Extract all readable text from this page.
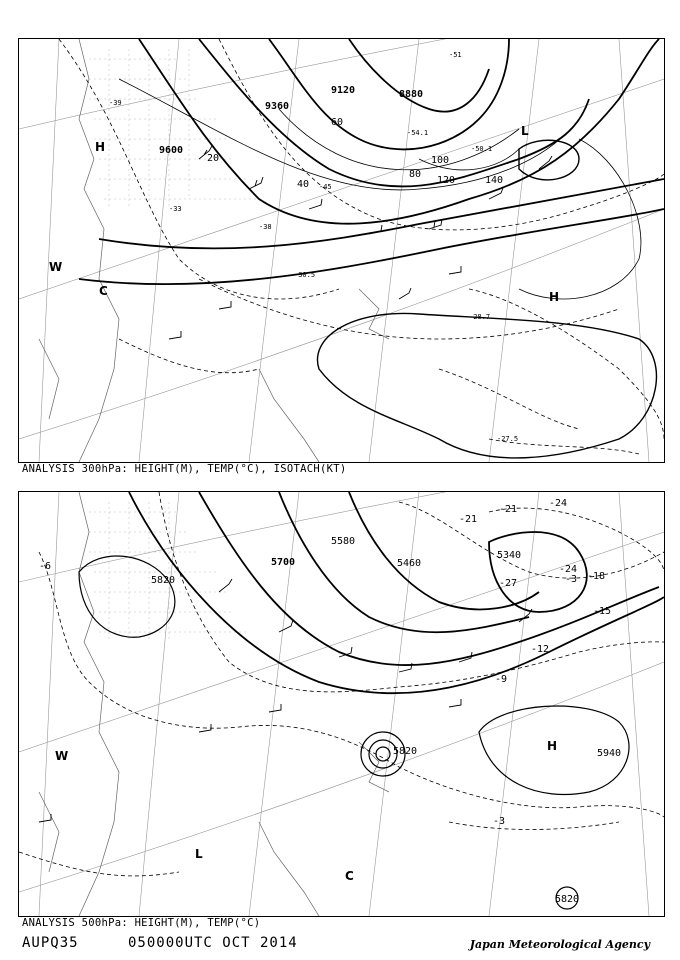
9600
9360
9120	8880
20
40
60
80
100
120	140
-39
-45
-51
-54.1
-50.1
-38
-33
-30.5
-28.7
-27.5
H
L
C
W
H
ANALYSIS 300hPa: HEIGHT(M), TEMP(°C), ISOTACH(KT)
5820
5700
5580
5460
5340
5940
5820
5820
-6
-3
-9
-12
-15
-18
-21
-24
-27
-21
-24
-3
L
H
C
W
ANALYSIS 500hPa: HEIGHT(M), TEMP(°C)
AUPQ35	050000UTC OCT 2014	Japan Meteorological Agency
